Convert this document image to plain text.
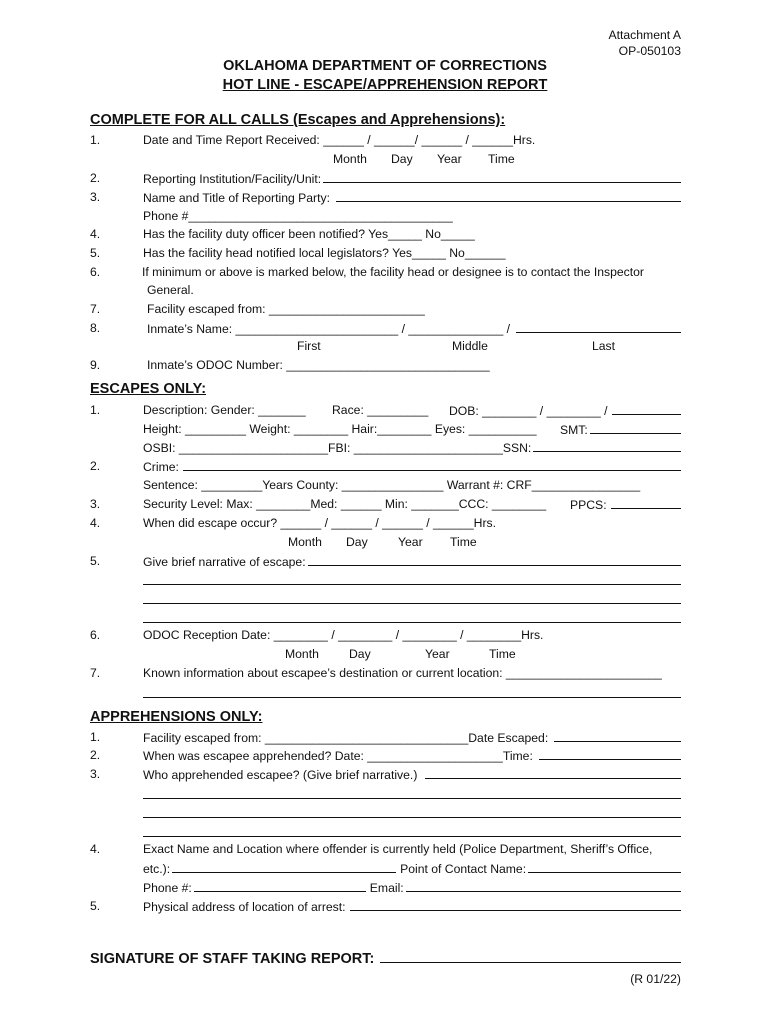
Attachment A
OP-050103
OKLAHOMA DEPARTMENT OF CORRECTIONS
HOT LINE - ESCAPE/APPREHENSION REPORT
COMPLETE FOR ALL CALLS (Escapes and Apprehensions):
1.	Date and Time Report Received: ______ / ______/ ______ / ______Hrs.
Month Day Year Time
2.	Reporting Institution/Facility/Unit:
3.	Name and Title of Reporting Party:
Phone #_______________________________________
4.	Has the facility duty officer been notified? Yes_____ No_____
5.	Has the facility head notified local legislators? Yes_____ No______
6.	If minimum or above is marked below, the facility head or designee is to contact the Inspector
General.
7.	Facility escaped from: _______________________
8.	Inmate’s Name: ________________________ / ______________ /
First	Middle	Last
9.	Inmate’s ODOC Number: ______________________________
ESCAPES ONLY:
1.	Description: Gender: _______ Race: _________ DOB: ________ / ________ /
Height: _________ Weight: ________ Hair:________ Eyes: __________ SMT:
OSBI: ______________________FBI: ______________________SSN:
2.	Crime:
Sentence: _________Years County: _______________ Warrant #: CRF________________
3.	Security Level: Max: ________Med: ______ Min: _______CCC: ________ PPCS:
4.	When did escape occur? ______ / ______ / ______ / ______Hrs.
Month Day Year Time
5.	Give brief narrative of escape:
6.	ODOC Reception Date: ________ / ________ / ________ / ________Hrs.
Month Day	Year	Time
7.	Known information about escapee’s destination or current location: _______________________
APPREHENSIONS ONLY:
1.	Facility escaped from: ______________________________Date Escaped:
2.	When was escapee apprehended? Date: ____________________Time:
3.	Who apprehended escapee? (Give brief narrative.)
4.	Exact Name and Location where offender is currently held (Police Department, Sheriff’s Office,
etc.):	Point of Contact Name:
Phone #:	Email:
5.	Physical address of location of arrest:
SIGNATURE OF STAFF TAKING REPORT:
(R 01/22)
